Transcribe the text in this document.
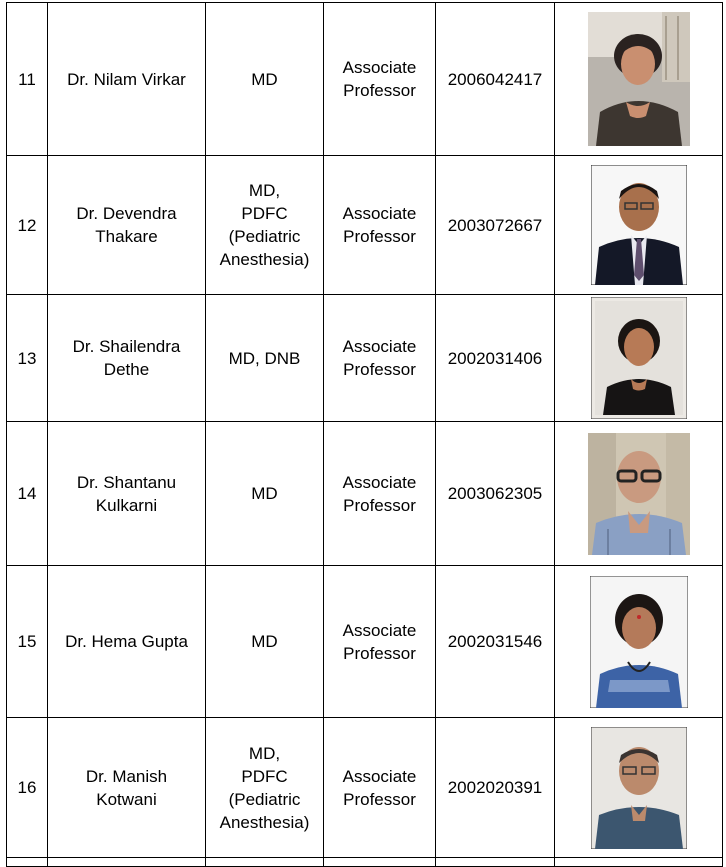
11	Dr. Nilam Virkar	MD	Associate
Professor	2006042417	

12	Dr. Devendra
Thakare	MD,
PDFC
(Pediatric
Anesthesia)	Associate
Professor	2003072667	

13	Dr. Shailendra
Dethe	MD, DNB	Associate
Professor	2002031406	

14	Dr. Shantanu
Kulkarni	MD	Associate
Professor	2003062305	

15	Dr. Hema Gupta	MD	Associate
Professor	2002031546	

16	Dr. Manish
Kotwani	MD,
PDFC
(Pediatric
Anesthesia)	Associate
Professor	2002020391	
